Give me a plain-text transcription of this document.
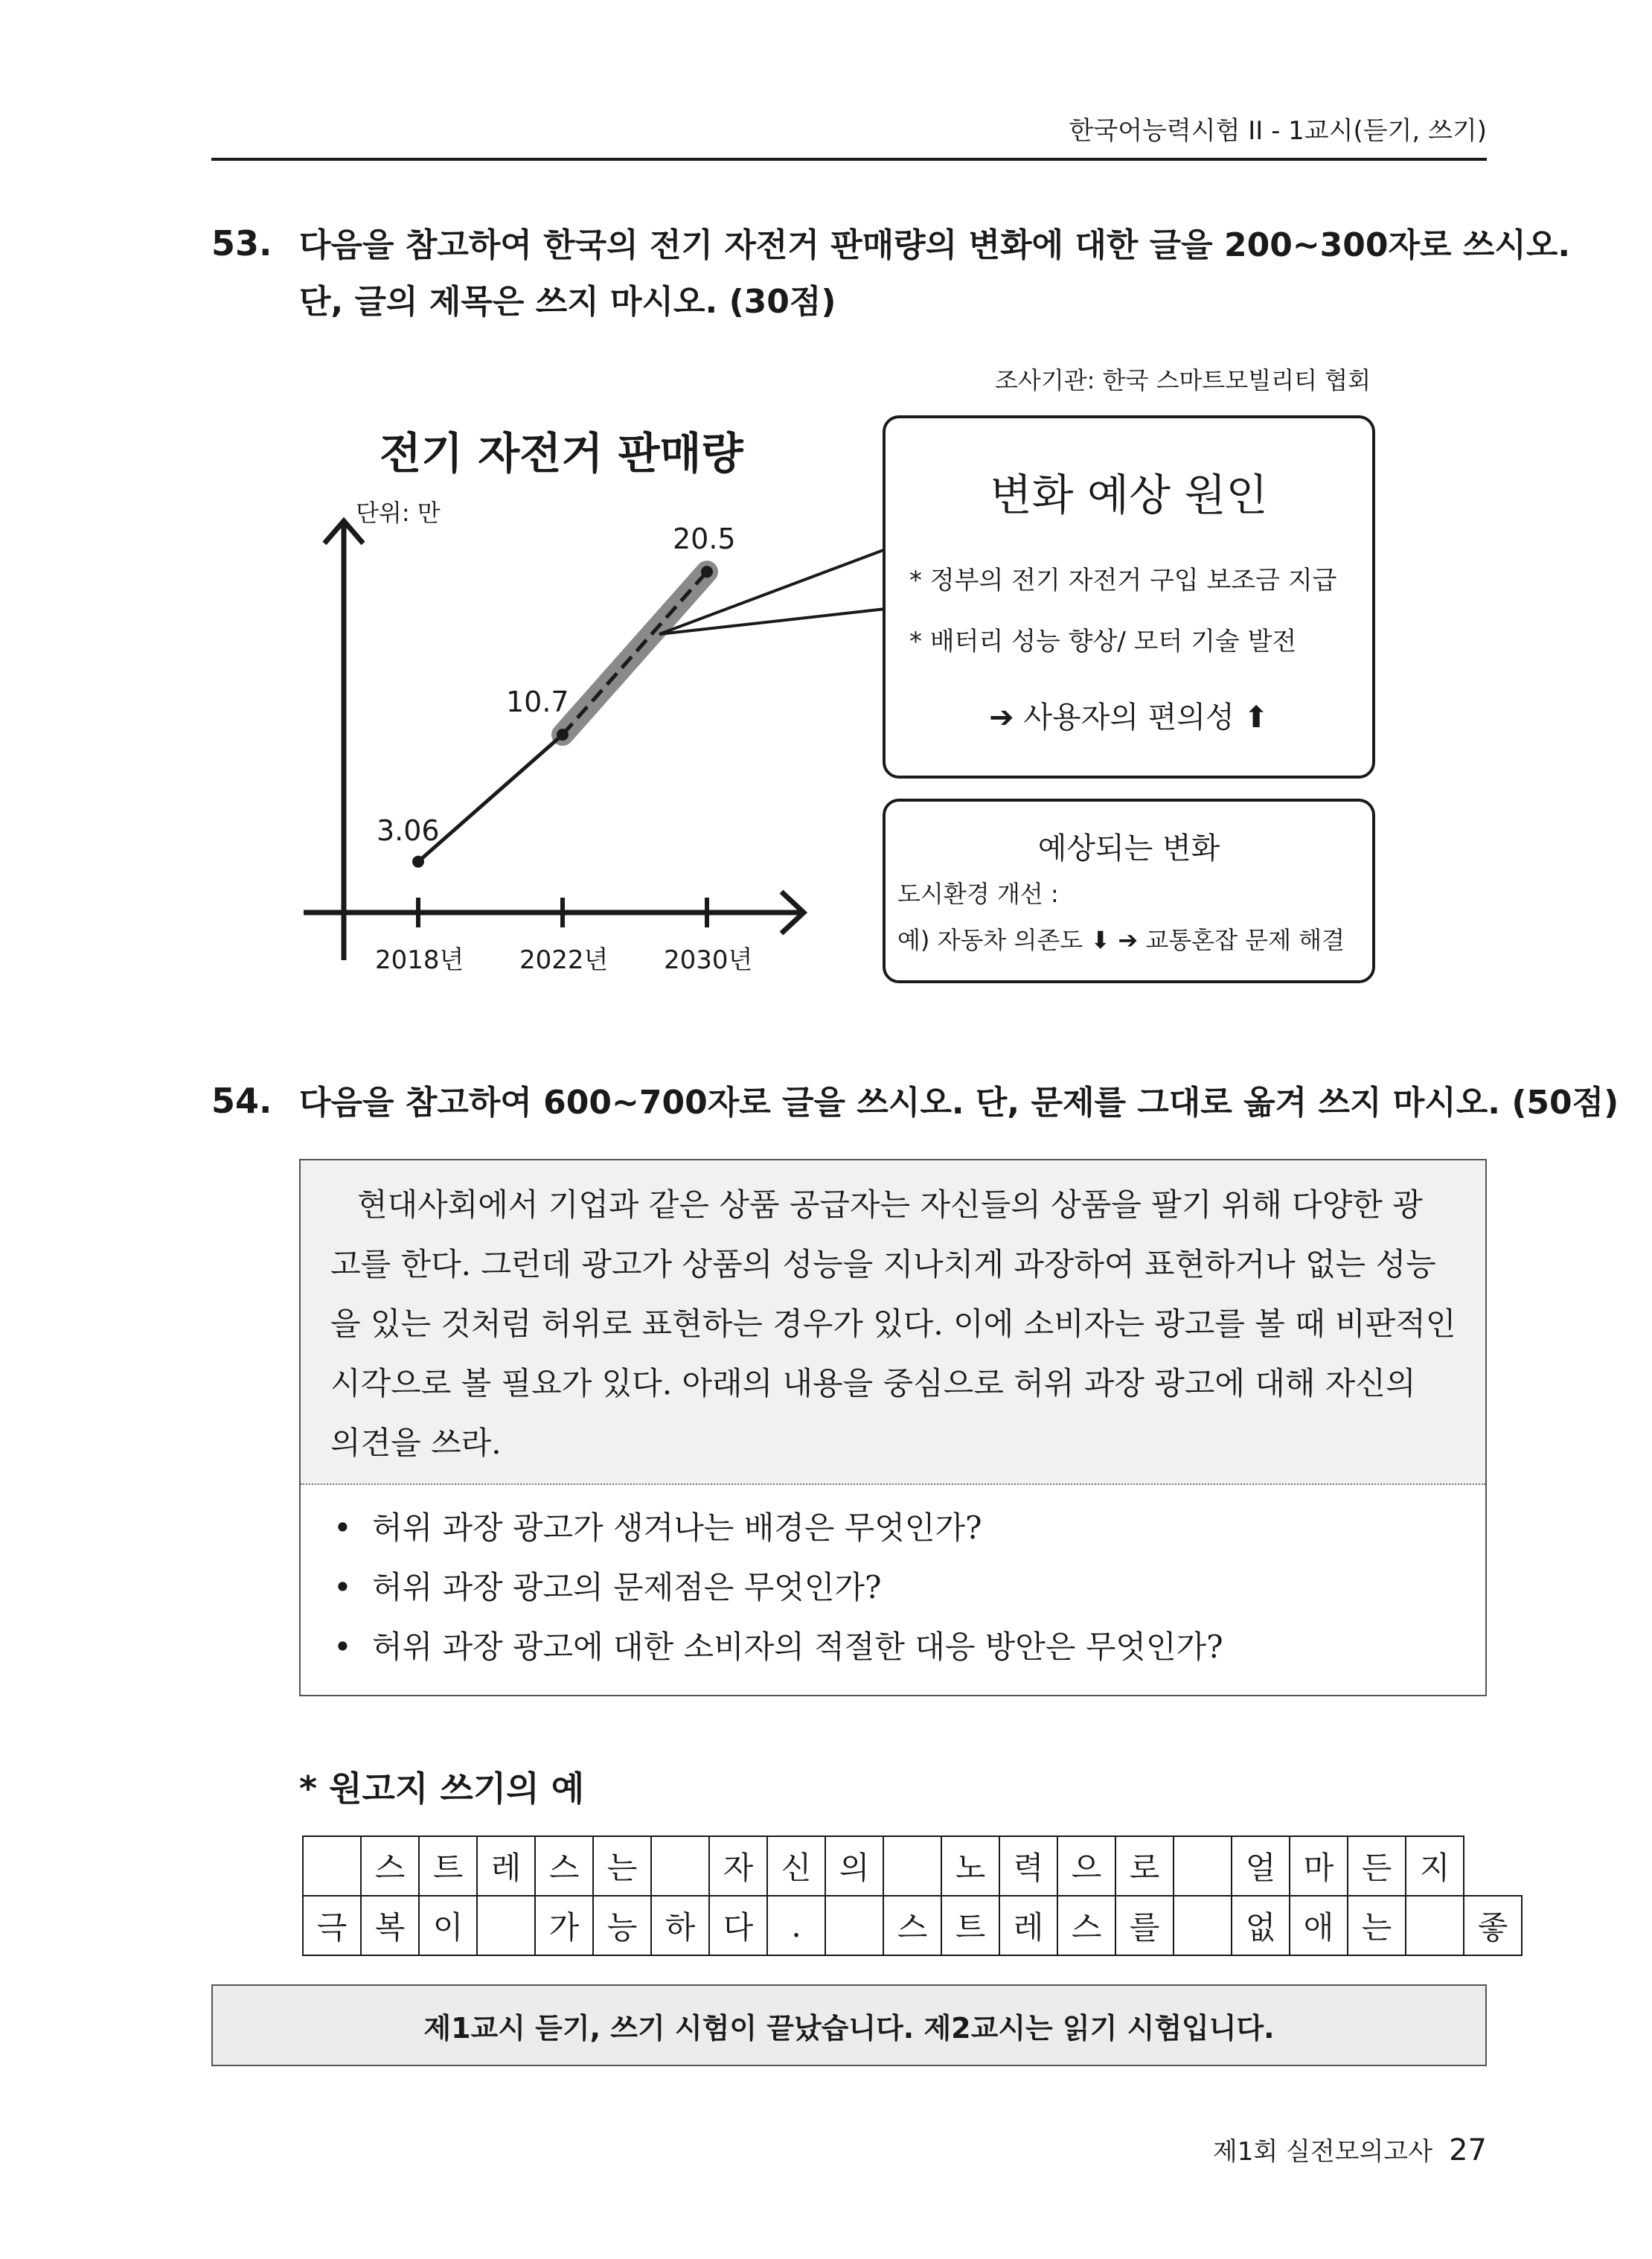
한국어능력시험 II - 1교시(듣기, 쓰기)
53. 다음을 참고하여 한국의 전기 자전거 판매량의 변화에 대한 글을 200~300자로 쓰시오.
단, 글의 제목은 쓰지 마시오. (30점)
조사기관: 한국 스마트모빌리티 협회
전기 자전거 판매량
단위: 만
3.06
2018년
10.7
2022년
20.5
2030년
변화 예상 원인
* 정부의 전기 자전거 구입 보조금 지급
* 배터리 성능 향상/ 모터 기술 발전
➔ 사용자의 편의성 ⬆
예상되는 변화
도시환경 개선 :
예) 자동차 의존도 ⬇ ➔ 교통혼잡 문제 해결
54. 다음을 참고하여 600~700자로 글을 쓰시오. 단, 문제를 그대로 옮겨 쓰지 마시오. (50점)
현대사회에서 기업과 같은 상품 공급자는 자신들의 상품을 팔기 위해 다양한 광
고를 한다. 그런데 광고가 상품의 성능을 지나치게 과장하여 표현하거나 없는 성능
을 있는 것처럼 허위로 표현하는 경우가 있다. 이에 소비자는 광고를 볼 때 비판적인
시각으로 볼 필요가 있다. 아래의 내용을 중심으로 허위 과장 광고에 대해 자신의
의견을 쓰라.
• 허위 과장 광고가 생겨나는 배경은 무엇인가?
• 허위 과장 광고의 문제점은 무엇인가?
• 허위 과장 광고에 대한 소비자의 적절한 대응 방안은 무엇인가?
* 원고지 쓰기의 예
	스	트	레	스	는		자	신	의		노	력	으	로		얼	마	든	지	
극	복	이		가	능	하	다	.		스	트	레	스	를		없	애	는		좋
제1교시 듣기, 쓰기 시험이 끝났습니다. 제2교시는 읽기 시험입니다.
제1회 실전모의고사 27
